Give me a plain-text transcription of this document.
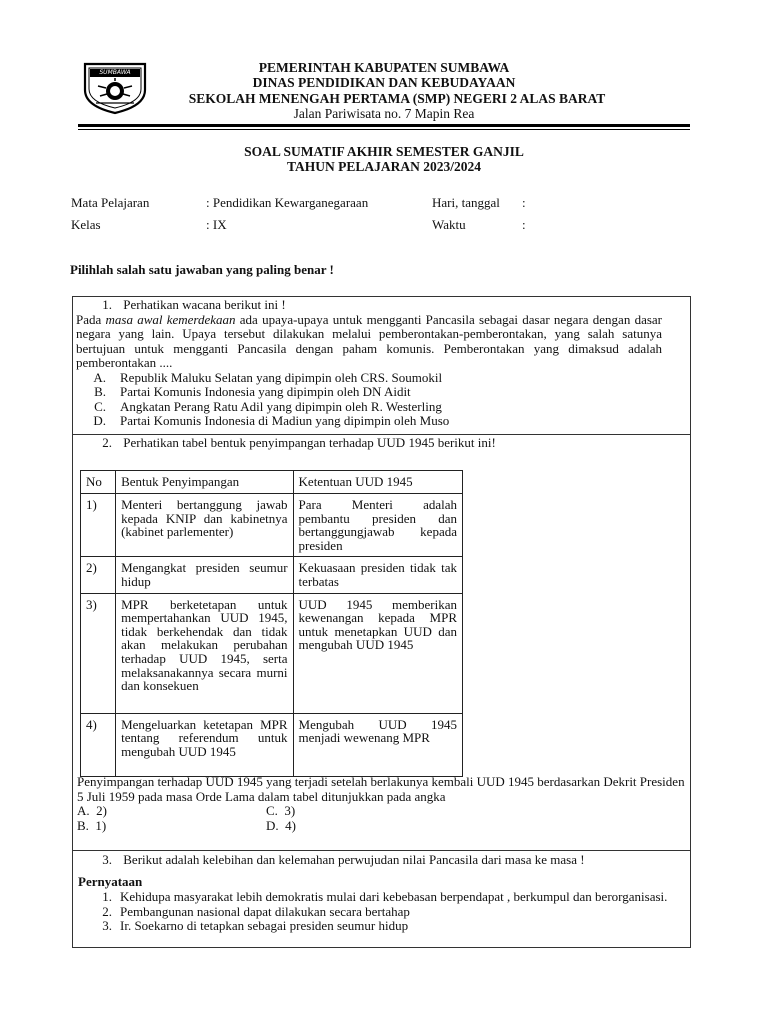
SUMBAWA	PEMERINTAH KABUPATEN SUMBAWA
DINAS PENDIDIKAN DAN KEBUDAYAAN
SEKOLAH MENENGAH PERTAMA (SMP) NEGERI 2 ALAS BARAT
Jalan Pariwisata no. 7 Mapin Rea
SOAL SUMATIF AKHIR SEMESTER GANJIL
TAHUN PELAJARAN 2023/2024
Mata Pelajaran	: Pendidikan Kewarganegaraan	Hari, tanggal :
Kelas	: IX	Waktu	:
Pilihlah salah satu jawaban yang paling benar !
1. Perhatikan wacana berikut ini !
Pada masa awal kemerdekaan ada upaya-upaya untuk mengganti Pancasila sebagai dasar negara dengan dasar negara yang lain. Upaya tersebut dilakukan melalui pemberontakan-pemberontakan, yang salah satunya bertujuan untuk mengganti Pancasila dengan paham komunis. Pemberontakan yang dimaksud adalah pemberontakan ....
A. Republik Maluku Selatan yang dipimpin oleh CRS. Soumokil
B. Partai Komunis Indonesia yang dipimpin oleh DN Aidit
C. Angkatan Perang Ratu Adil yang dipimpin oleh R. Westerling
D. Partai Komunis Indonesia di Madiun yang dipimpin oleh Muso
2. Perhatikan tabel bentuk penyimpangan terhadap UUD 1945 berikut ini!
No	Bentuk Penyimpangan	Ketentuan UUD 1945
1)	Menteri bertanggung jawab kepada KNIP dan kabinetnya (kabinet parlementer)	Para Menteri adalah pembantu presiden dan bertanggungjawab kepada presiden

2)	Mengangkat presiden seumur hidup	Kekuasaan presiden tidak tak terbatas

3)	MPR berketetapan untuk mempertahankan UUD 1945, tidak berkehendak dan tidak akan melakukan perubahan terhadap UUD 1945, serta melaksanakannya secara murni dan konsekuen	UUD 1945 memberikan kewenangan kepada MPR untuk menetapkan UUD dan mengubah UUD 1945

4)	Mengeluarkan ketetapan MPR tentang referendum untuk mengubah UUD 1945	Mengubah UUD 1945 menjadi wewenang MPR
Penyimpangan terhadap UUD 1945 yang terjadi setelah berlakunya kembali UUD 1945 berdasarkan Dekrit Presiden 5 Juli 1959 pada masa Orde Lama dalam tabel ditunjukkan pada angka
A. 2)	C. 3)
B. 1)	D. 4)
3. Berikut adalah kelebihan dan kelemahan perwujudan nilai Pancasila dari masa ke masa !
Pernyataan
1. Kehidupa masyarakat lebih demokratis mulai dari kebebasan berpendapat , berkumpul dan berorganisasi.
2. Pembangunan nasional dapat dilakukan secara bertahap
3. Ir. Soekarno di tetapkan sebagai presiden seumur hidup
